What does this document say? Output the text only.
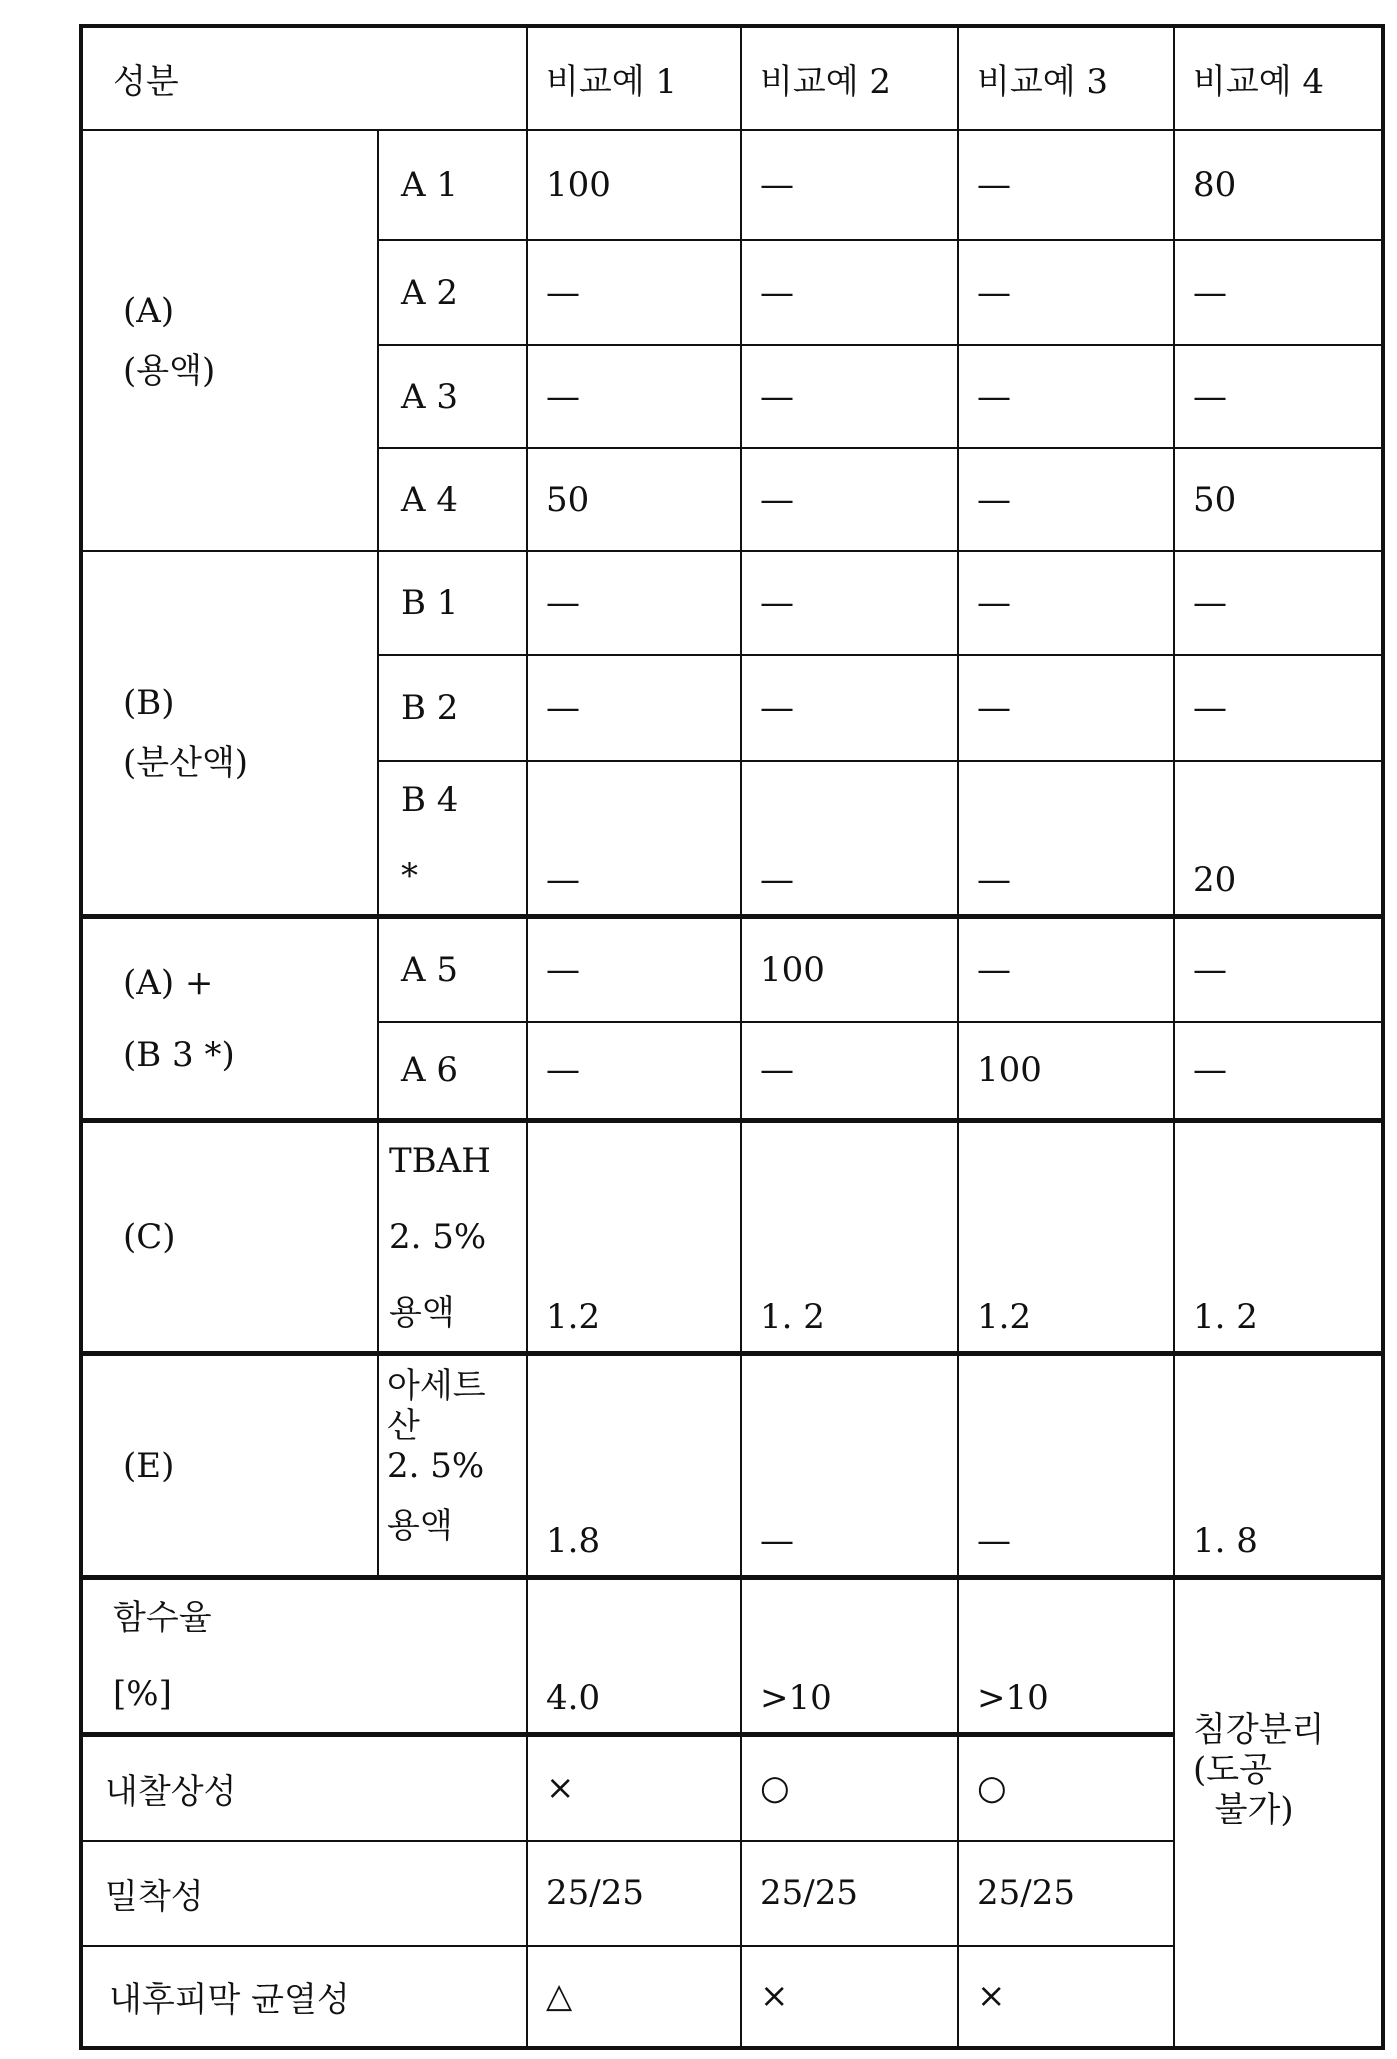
성분	비교예 1	비교예 2	비교예 3	비교예 4
(A)
(용액)	A 1	100	—	—	80
A 2	—	—	—	—
A 3	—	—	—	—
A 4	50	—	—	50
(B)
(분산액)	B 1	—	—	—	—
B 2	—	—	—	—
B 4
*	—	—	—	20
(A) +
(B 3 *)	A 5	—	100	—	—
A 6	—	—	100	—
(C)	TBAH
2. 5%
용액	1.2	1. 2	1.2	1. 2
(E)	아세트
산
2. 5%
용액	1.8	—	—	1. 8
함수율
[%]	4.0	>10	>10	침강분리
(도공
불가)
내찰상성	×	○	○
밀착성	25/25	25/25	25/25
내후피막 균열성	△	×	×
